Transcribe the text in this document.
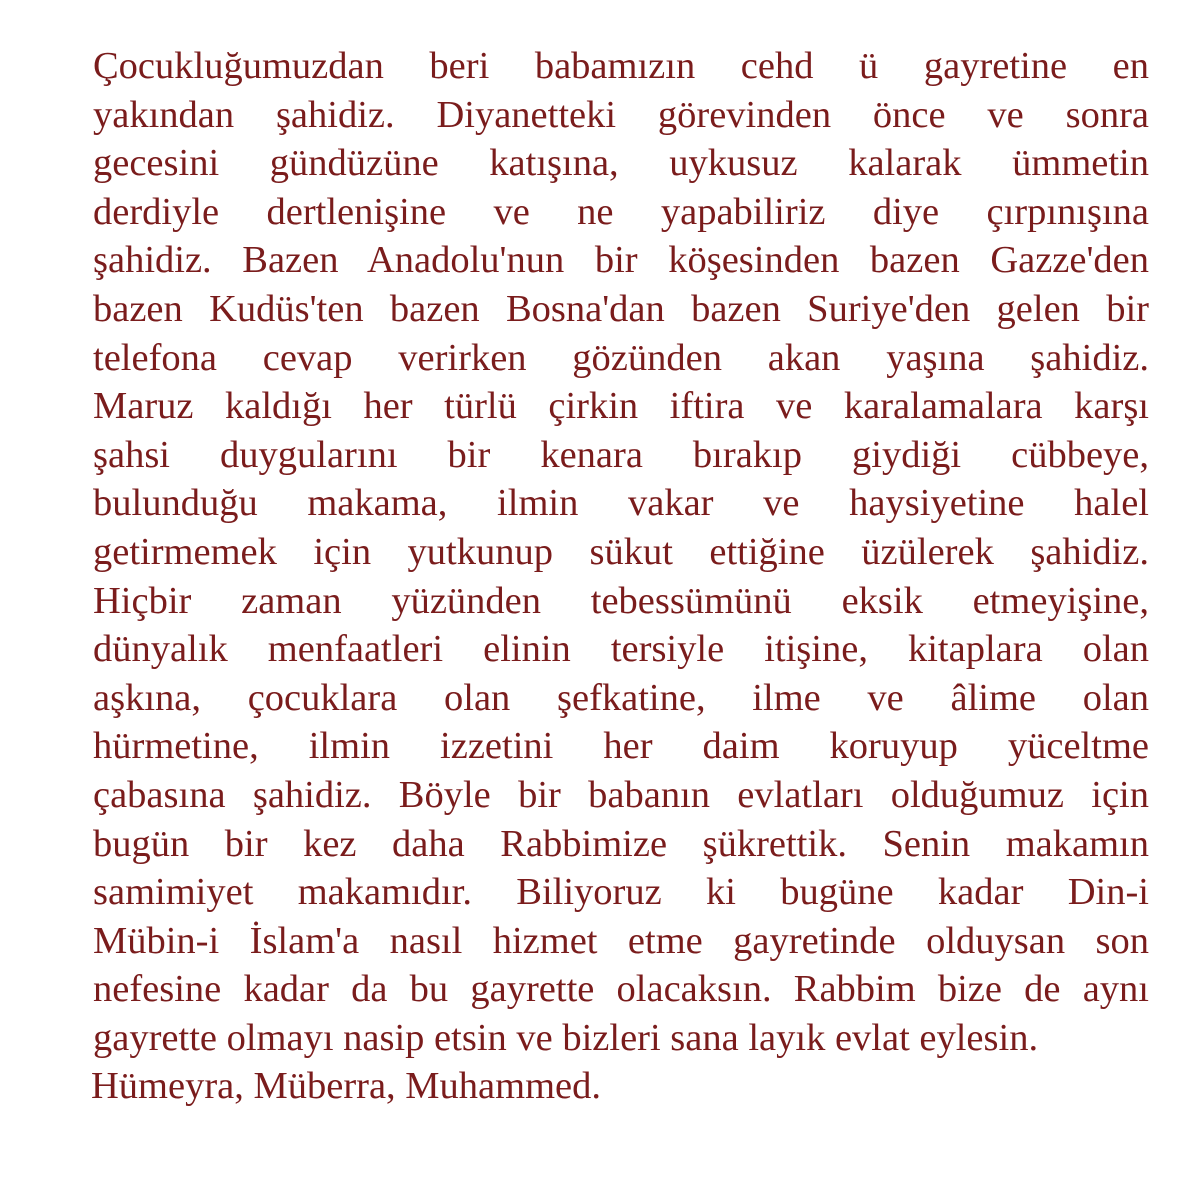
Çocukluğumuzdan beri babamızın cehd ü gayretine en
yakından şahidiz. Diyanetteki görevinden önce ve sonra
gecesini gündüzüne katışına, uykusuz kalarak ümmetin
derdiyle dertlenişine ve ne yapabiliriz diye çırpınışına
şahidiz. Bazen Anadolu'nun bir köşesinden bazen Gazze'den
bazen Kudüs'ten bazen Bosna'dan bazen Suriye'den gelen bir
telefona cevap verirken gözünden akan yaşına şahidiz.
Maruz kaldığı her türlü çirkin iftira ve karalamalara karşı
şahsi duygularını bir kenara bırakıp giydiği cübbeye,
bulunduğu makama, ilmin vakar ve haysiyetine halel
getirmemek için yutkunup sükut ettiğine üzülerek şahidiz.
Hiçbir zaman yüzünden tebessümünü eksik etmeyişine,
dünyalık menfaatleri elinin tersiyle itişine, kitaplara olan
aşkına, çocuklara olan şefkatine, ilme ve âlime olan
hürmetine, ilmin izzetini her daim koruyup yüceltme
çabasına şahidiz. Böyle bir babanın evlatları olduğumuz için
bugün bir kez daha Rabbimize şükrettik. Senin makamın
samimiyet makamıdır. Biliyoruz ki bugüne kadar Din-i
Mübin-i İslam'a nasıl hizmet etme gayretinde olduysan son
nefesine kadar da bu gayrette olacaksın. Rabbim bize de aynı
gayrette olmayı nasip etsin ve bizleri sana layık evlat eylesin.
Hümeyra, Müberra, Muhammed.
